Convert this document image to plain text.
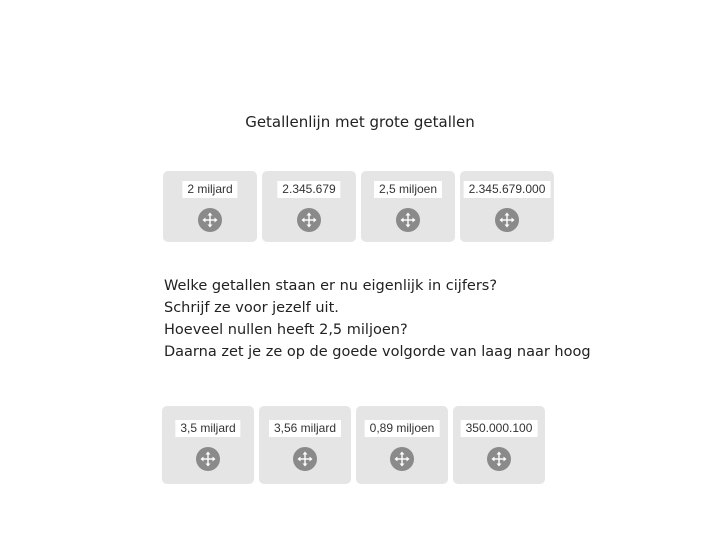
Getallenlijn met grote getallen
2 miljard	2.345.679	2,5 miljoen	2.345.679.000
Welke getallen staan er nu eigenlijk in cijfers?
Schrijf ze voor jezelf uit.
Hoeveel nullen heeft 2,5 miljoen?
Daarna zet je ze op de goede volgorde van laag naar hoog
3,5 miljard	3,56 miljard	0,89 miljoen	350.000.100
